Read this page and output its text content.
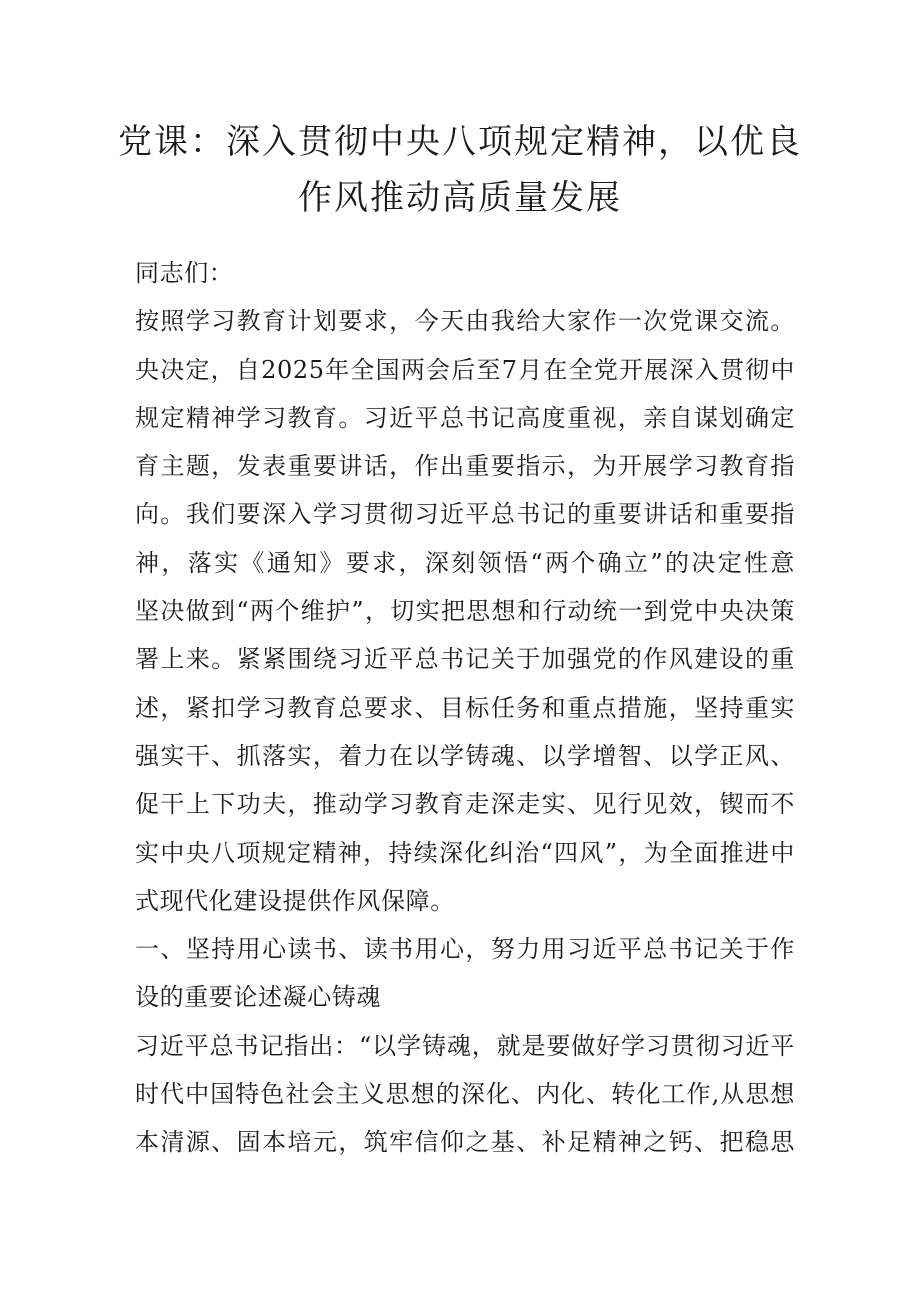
党课：深入贯彻中央八项规定精神，以优良
作风推动高质量发展
同志们：
按照学习教育计划要求，今天由我给大家作一次党课交流。
央决定，自2025年全国两会后至7月在全党开展深入贯彻中
规定精神学习教育。习近平总书记高度重视，亲自谋划确定
育主题，发表重要讲话，作出重要指示，为开展学习教育指
向。我们要深入学习贯彻习近平总书记的重要讲话和重要指
神，落实《通知》要求，深刻领悟“两个确立”的决定性意
坚决做到“两个维护”，切实把思想和行动统一到党中央决策
署上来。紧紧围绕习近平总书记关于加强党的作风建设的重
述，紧扣学习教育总要求、目标任务和重点措施，坚持重实
强实干、抓落实，着力在以学铸魂、以学增智、以学正风、
促干上下功夫，推动学习教育走深走实、见行见效，锲而不
实中央八项规定精神，持续深化纠治“四风”，为全面推进中
式现代化建设提供作风保障。
一、坚持用心读书、读书用心，努力用习近平总书记关于作
设的重要论述凝心铸魂
习近平总书记指出：“以学铸魂，就是要做好学习贯彻习近平
时代中国特色社会主义思想的深化、内化、转化工作,从思想
本清源、固本培元，筑牢信仰之基、补足精神之钙、把稳思
